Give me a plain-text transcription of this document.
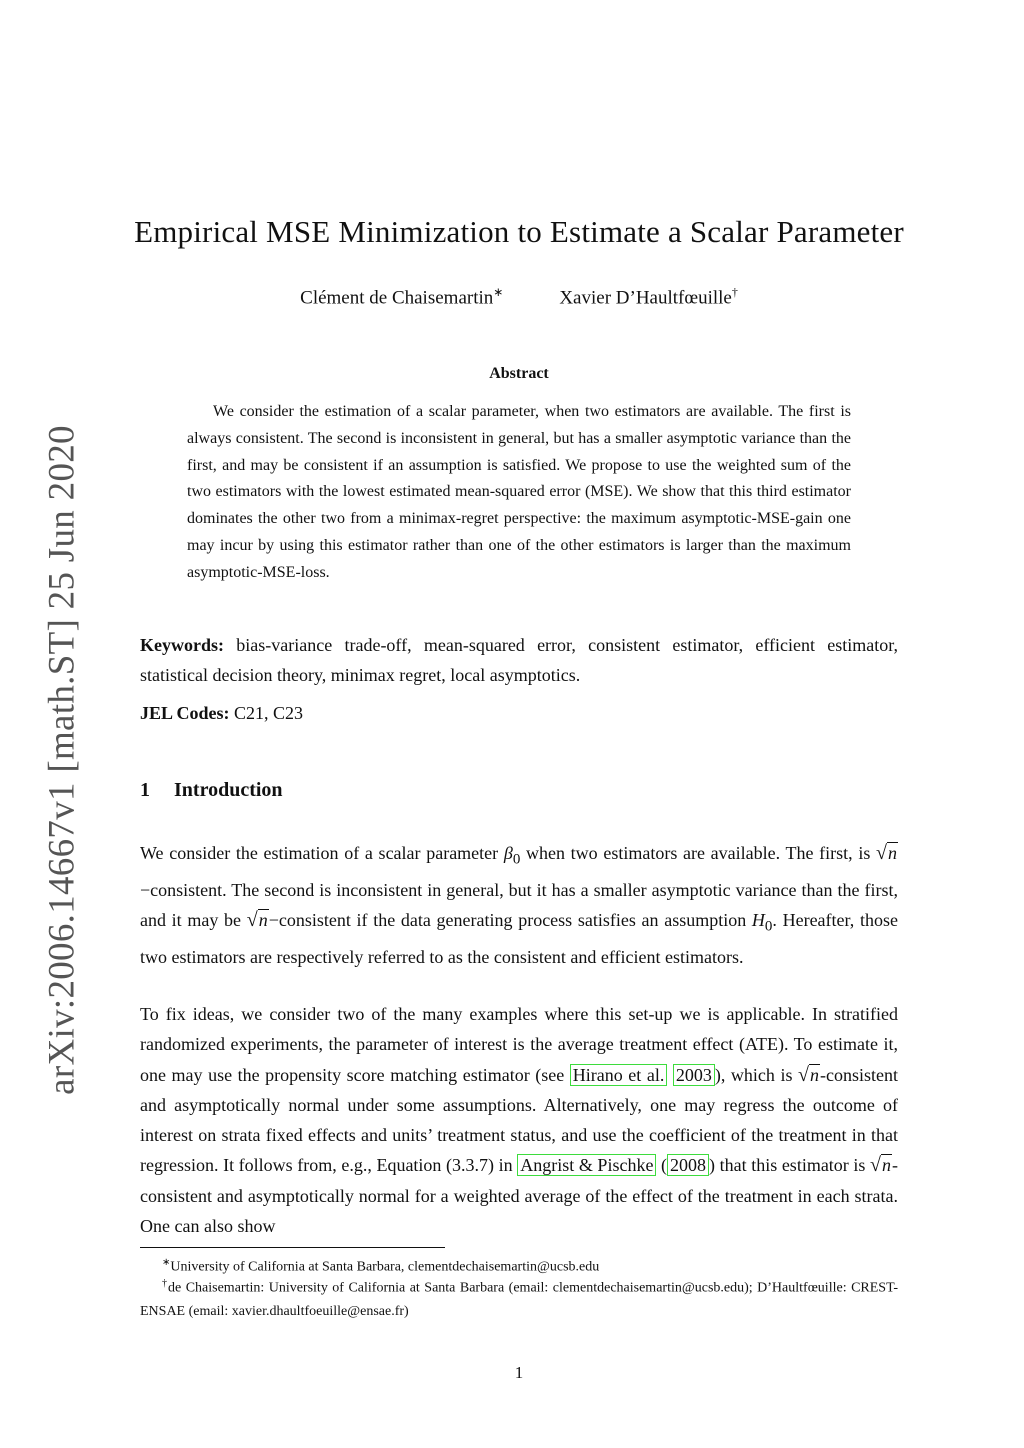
arXiv:2006.14667v1 [math.ST] 25 Jun 2020
Empirical MSE Minimization to Estimate a Scalar Parameter
Clément de Chaisemartin∗	Xavier D’Haultfœuille†
Abstract

We consider the estimation of a scalar parameter, when two estimators are available. The first is always consistent. The second is inconsistent in general, but has a smaller asymptotic variance than the first, and may be consistent if an assumption is satisfied. We propose to use the weighted sum of the two estimators with the lowest estimated mean-squared error (MSE). We show that this third estimator dominates the other two from a minimax-regret perspective: the maximum asymptotic-MSE-gain one may incur by using this estimator rather than one of the other estimators is larger than the maximum asymptotic-MSE-loss.

Keywords: bias-variance trade-off, mean-squared error, consistent estimator, efficient estimator, statistical decision theory, minimax regret, local asymptotics.

JEL Codes: C21, C23

1 Introduction

We consider the estimation of a scalar parameter $\beta_0$ when two estimators are available. The first, is √n−consistent. The second is inconsistent in general, but it has a smaller asymptotic variance than the first, and it may be √n−consistent if the data generating process satisfies an assumption $H_0$. Hereafter, those two estimators are respectively referred to as the consistent and efficient estimators.

To fix ideas, we consider two of the many examples where this set-up we is applicable. In stratified randomized experiments, the parameter of interest is the average treatment effect (ATE). To estimate it, one may use the propensity score matching estimator (see Hirano et al. 2003 ), which is √n-consistent and asymptotically normal under some assumptions. Alternatively, one may regress the outcome of interest on strata fixed effects and units’ treatment status, and use the coefficient of the treatment in that regression. It follows from, e.g., Equation (3.3.7) in Angrist & Pischke ( 2008 ) that this estimator is √n-consistent and asymptotically normal for a weighted average of the effect of the treatment in each strata. One can also show

∗University of California at Santa Barbara, clementdechaisemartin@ucsb.edu

†de Chaisemartin: University of California at Santa Barbara (email: clementdechaisemartin@ucsb.edu); D’Haultfœuille: CREST-ENSAE (email: xavier.dhaultfoeuille@ensae.fr)

1
